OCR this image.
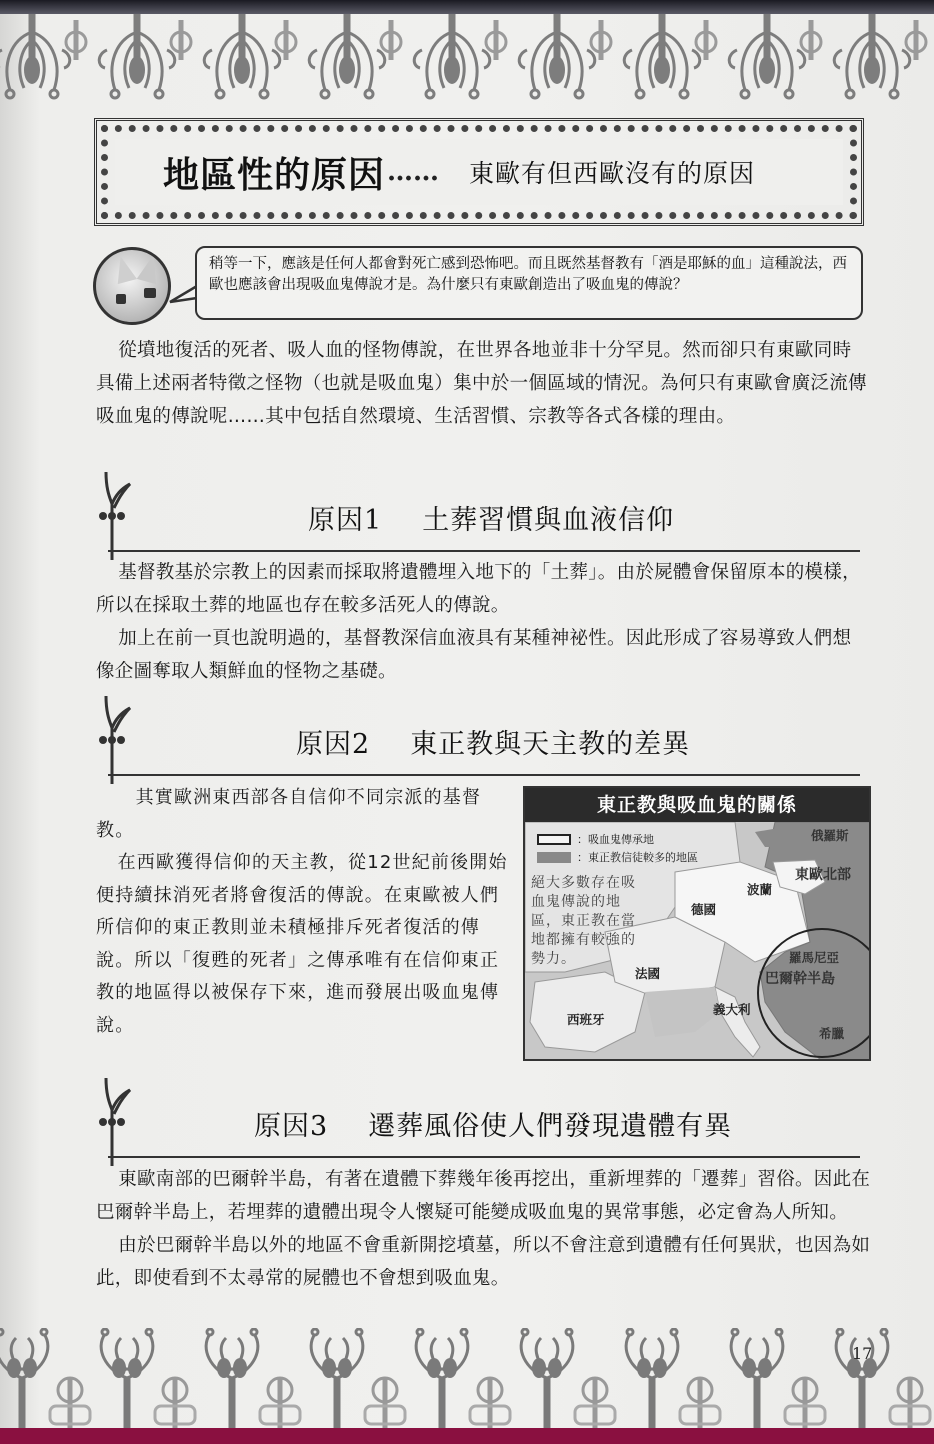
地區性的原因 …… 東歐有但西歐沒有的原因
稍等一下，應該是任何人都會對死亡感到恐怖吧。而且既然基督教有「酒是耶穌的血」這種說法，西歐也應該會出現吸血鬼傳說才是。為什麼只有東歐創造出了吸血鬼的傳說？

從墳地復活的死者、吸人血的怪物傳說，在世界各地並非十分罕見。然而卻只有東歐同時具備上述兩者特徵之怪物（也就是吸血鬼）集中於一個區域的情況。為何只有東歐會廣泛流傳吸血鬼的傳說呢……其中包括自然環境、生活習慣、宗教等各式各樣的理由。

原因1 土葬習慣與血液信仰

基督教基於宗教上的因素而採取將遺體埋入地下的「土葬」。由於屍體會保留原本的模樣，所以在採取土葬的地區也存在較多活死人的傳說。

加上在前一頁也說明過的，基督教深信血液具有某種神祕性。因此形成了容易導致人們想像企圖奪取人類鮮血的怪物之基礎。

原因2 東正教與天主教的差異

其實歐洲東西部各自信仰不同宗派的基督教。

在西歐獲得信仰的天主教，從12世紀前後開始便持續抹消死者將會復活的傳說。在東歐被人們所信仰的東正教則並未積極排斥死者復活的傳說。所以「復甦的死者」之傳承唯有在信仰東正教的地區得以被保存下來，進而發展出吸血鬼傳說。

東正教與吸血鬼的關係
：吸血鬼傳承地
：東正教信徒較多的地區
絕大多數存在吸血鬼傳說的地區，東正教在當地都擁有較強的勢力。
俄羅斯
東歐北部
波蘭
德國
羅馬尼亞
巴爾幹半島
法國
義大利
西班牙
希臘
原因3 遷葬風俗使人們發現遺體有異

東歐南部的巴爾幹半島，有著在遺體下葬幾年後再挖出，重新埋葬的「遷葬」習俗。因此在巴爾幹半島上，若埋葬的遺體出現令人懷疑可能變成吸血鬼的異常事態，必定會為人所知。

由於巴爾幹半島以外的地區不會重新開挖墳墓，所以不會注意到遺體有任何異狀，也因為如此，即使看到不太尋常的屍體也不會想到吸血鬼。

17
